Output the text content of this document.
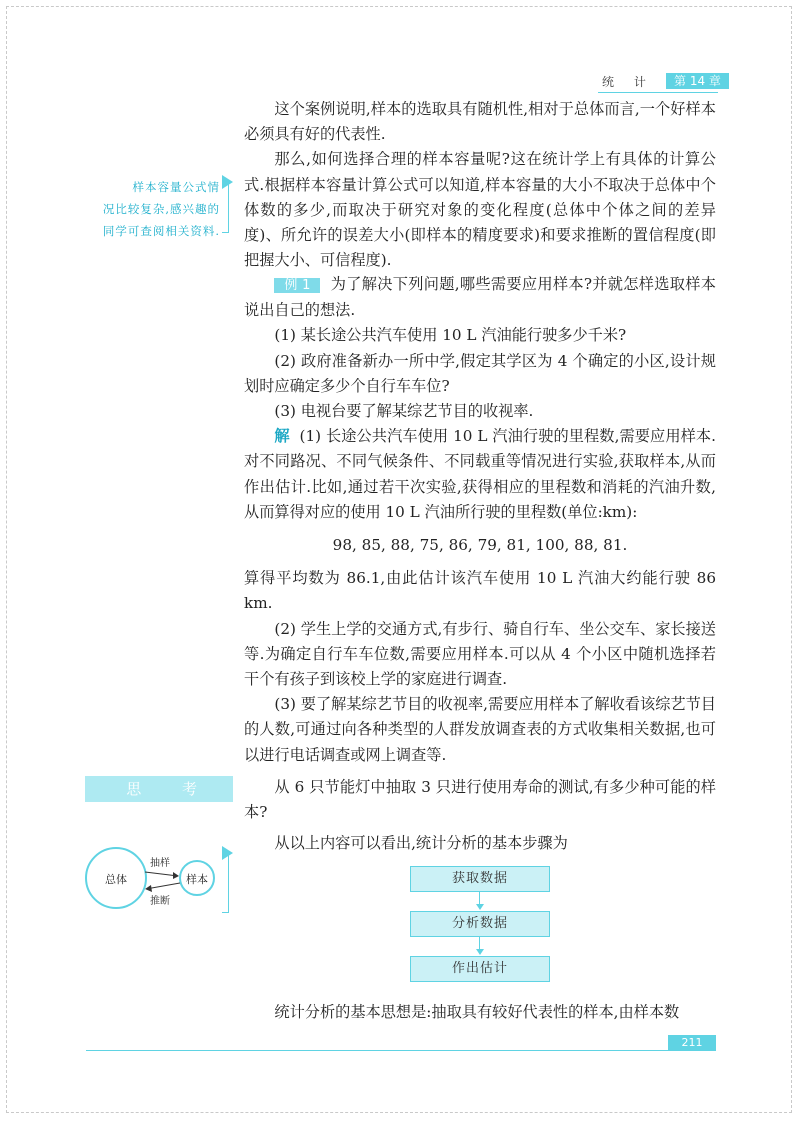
统 计	第 14 章

这个案例说明,样本的选取具有随机性,相对于总体而言,一个好样本必须具有好的代表性.

那么,如何选择合理的样本容量呢?这在统计学上有具体的计算公式.根据样本容量计算公式可以知道,样本容量的大小不取决于总体中个体数的多少,而取决于研究对象的变化程度(总体中个体之间的差异度)、所允许的误差大小(即样本的精度要求)和要求推断的置信程度(即把握大小、可信程度).

样本容量公式情
况比较复杂,感兴趣的
同学可查阅相关资料.

例 1 为了解决下列问题,哪些需要应用样本?并就怎样选取样本说出自己的想法.

(1) 某长途公共汽车使用 10 L 汽油能行驶多少千米?

(2) 政府准备新办一所中学,假定其学区为 4 个确定的小区,设计规划时应确定多少个自行车车位?

(3) 电视台要了解某综艺节目的收视率.

解 (1) 长途公共汽车使用 10 L 汽油行驶的里程数,需要应用样本.对不同路况、不同气候条件、不同载重等情况进行实验,获取样本,从而作出估计.比如,通过若干次实验,获得相应的里程数和消耗的汽油升数,从而算得对应的使用 10 L 汽油所行驶的里程数(单位:km):

98, 85, 88, 75, 86, 79, 81, 100, 88, 81.

算得平均数为 86.1,由此估计该汽车使用 10 L 汽油大约能行驶 86 km.

(2) 学生上学的交通方式,有步行、骑自行车、坐公交车、家长接送等.为确定自行车车位数,需要应用样本.可以从 4 个小区中随机选择若干个有孩子到该校上学的家庭进行调查.

(3) 要了解某综艺节目的收视率,需要应用样本了解收看该综艺节目的人数,可通过向各种类型的人群发放调查表的方式收集相关数据,也可以进行电话调查或网上调查等.

思 考	从 6 只节能灯中抽取 3 只进行使用寿命的测试,有多少种可能的样本?

从以上内容可以看出,统计分析的基本步骤为

总体	样本
抽样
推断
获取数据
分析数据
作出估计

统计分析的基本思想是:抽取具有较好代表性的样本,由样本数

211
